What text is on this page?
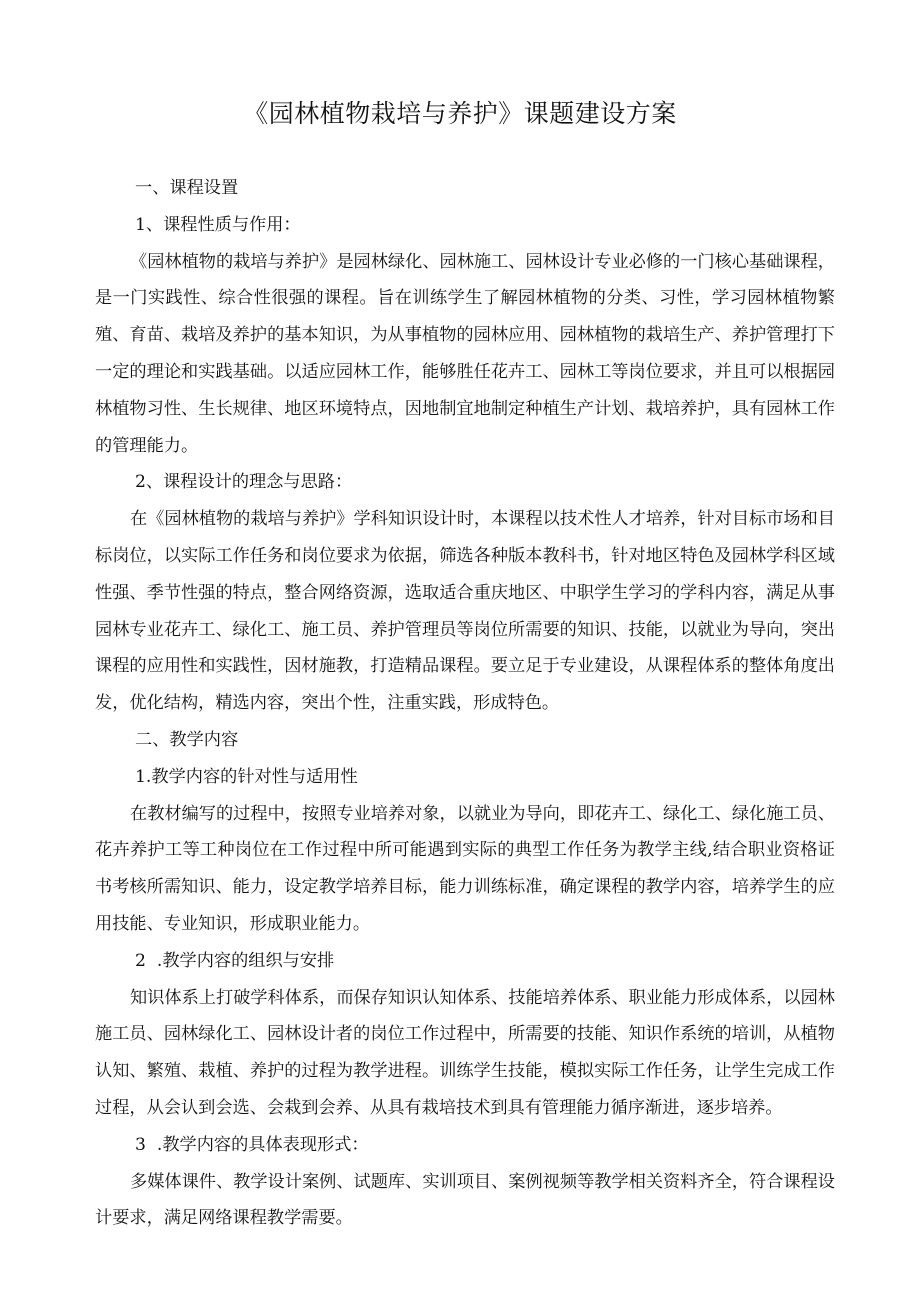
《园林植物栽培与养护》课题建设方案

一、课程设置

1、课程性质与作用：

《园林植物的栽培与养护》是园林绿化、园林施工、园林设计专业必修的一门核心基础课程，是一门实践性、综合性很强的课程。旨在训练学生了解园林植物的分类、习性，学习园林植物繁殖、育苗、栽培及养护的基本知识，为从事植物的园林应用、园林植物的栽培生产、养护管理打下一定的理论和实践基础。以适应园林工作，能够胜任花卉工、园林工等岗位要求，并且可以根据园林植物习性、生长规律、地区环境特点，因地制宜地制定种植生产计划、栽培养护，具有园林工作的管理能力。

2、课程设计的理念与思路：

在《园林植物的栽培与养护》学科知识设计时，本课程以技术性人才培养，针对目标市场和目标岗位，以实际工作任务和岗位要求为依据，筛选各种版本教科书，针对地区特色及园林学科区域性强、季节性强的特点，整合网络资源，选取适合重庆地区、中职学生学习的学科内容，满足从事园林专业花卉工、绿化工、施工员、养护管理员等岗位所需要的知识、技能，以就业为导向，突出课程的应用性和实践性，因材施教，打造精品课程。要立足于专业建设，从课程体系的整体角度出发，优化结构，精选内容，突出个性，注重实践，形成特色。

二、教学内容

1.教学内容的针对性与适用性

在教材编写的过程中，按照专业培养对象，以就业为导向，即花卉工、绿化工、绿化施工员、花卉养护工等工种岗位在工作过程中所可能遇到实际的典型工作任务为教学主线,结合职业资格证书考核所需知识、能力，设定教学培养目标，能力训练标准，确定课程的教学内容，培养学生的应用技能、专业知识，形成职业能力。

2  .教学内容的组织与安排

知识体系上打破学科体系，而保存知识认知体系、技能培养体系、职业能力形成体系，以园林施工员、园林绿化工、园林设计者的岗位工作过程中，所需要的技能、知识作系统的培训，从植物认知、繁殖、栽植、养护的过程为教学进程。训练学生技能，模拟实际工作任务，让学生完成工作过程，从会认到会选、会栽到会养、从具有栽培技术到具有管理能力循序渐进，逐步培养。

3  .教学内容的具体表现形式：

多媒体课件、教学设计案例、试题库、实训项目、案例视频等教学相关资料齐全，符合课程设计要求，满足网络课程教学需要。
